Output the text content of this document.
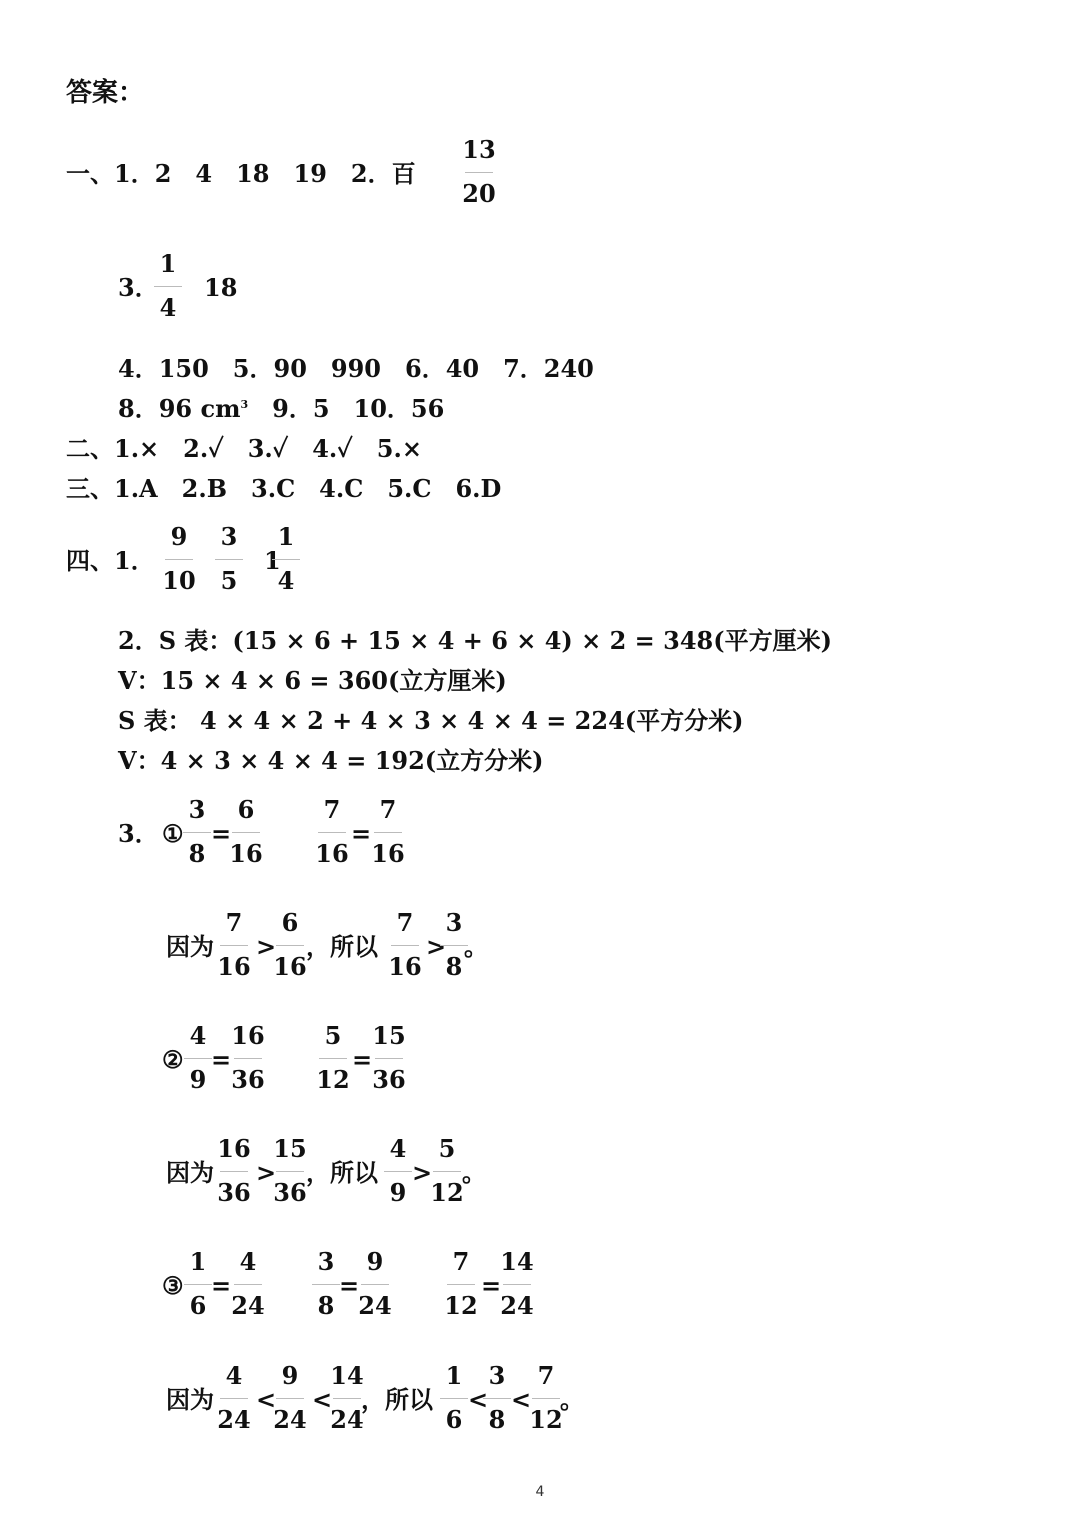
答案：
一、1．2　4　18　19　2．百
13
20
3．
1
4
18
4．150　5．90　990　6．40　7．240
8．96 $cm^3$　9．5　10．56
二、1.×　2.✓　3.✓　4.✓　5.×
三、1.A　2.B　3.C　4.C　5.C　6.D
四、1．
9
10
3
5
1
1
4
2．S 表：(15 × 6 + 15 × 4 + 6 × 4) × 2 = 348(平方厘米)
V：15 × 4 × 6 = 360(立方厘米)
S 表： 4 × 4 × 2 + 4 × 3 × 4 × 4 = 224(平方分米)
V：4 × 3 × 4 × 4 = 192(立方分米)
3． ①
3
8
=
6
16
7
16
=
7
16
因为
7
16
>
6
16
，所以
7
16
>
3
8
。
②
4
9
=
16
36
5
12
=
15
36
因为
16
36
>
15
36
，所以
4
9
>
5
12
。
③
1
6
=
4
24
3
8
=
9
24
7
12
=
14
24
因为
4
24
<
9
24
<
14
24
，所以
1
6
<
3
8
<
7
12
。
4
